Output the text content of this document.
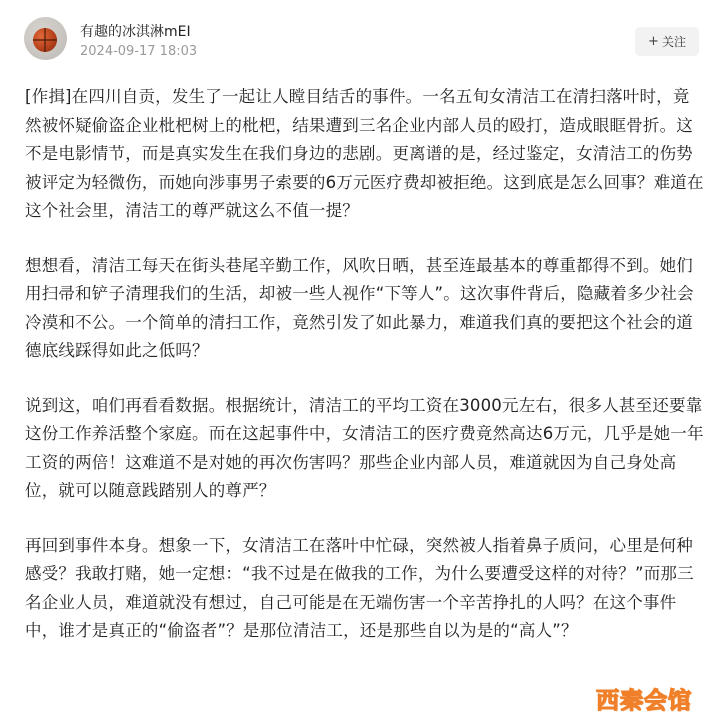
有趣的冰淇淋mEI
2024-09-17 18:03
+ 关注

[作揖]在四川自贡，发生了一起让人瞠目结舌的事件。一名五旬女清洁工在清扫落叶时，竟然被怀疑偷盗企业枇杷树上的枇杷，结果遭到三名企业内部人员的殴打，造成眼眶骨折。这不是电影情节，而是真实发生在我们身边的悲剧。更离谱的是，经过鉴定，女清洁工的伤势被评定为轻微伤，而她向涉事男子索要的6万元医疗费却被拒绝。这到底是怎么回事？难道在这个社会里，清洁工的尊严就这么不值一提？

想想看，清洁工每天在街头巷尾辛勤工作，风吹日晒，甚至连最基本的尊重都得不到。她们用扫帚和铲子清理我们的生活，却被一些人视作“下等人”。这次事件背后，隐藏着多少社会冷漠和不公。一个简单的清扫工作，竟然引发了如此暴力，难道我们真的要把这个社会的道德底线踩得如此之低吗？

说到这，咱们再看看数据。根据统计，清洁工的平均工资在3000元左右，很多人甚至还要靠这份工作养活整个家庭。而在这起事件中，女清洁工的医疗费竟然高达6万元，几乎是她一年工资的两倍！这难道不是对她的再次伤害吗？那些企业内部人员，难道就因为自己身处高位，就可以随意践踏别人的尊严？

再回到事件本身。想象一下，女清洁工在落叶中忙碌，突然被人指着鼻子质问，心里是何种感受？我敢打赌，她一定想：“我不过是在做我的工作，为什么要遭受这样的对待？”而那三名企业人员，难道就没有想过，自己可能是在无端伤害一个辛苦挣扎的人吗？在这个事件中，谁才是真正的“偷盗者”？是那位清洁工，还是那些自以为是的“高人”？

西秦会馆
